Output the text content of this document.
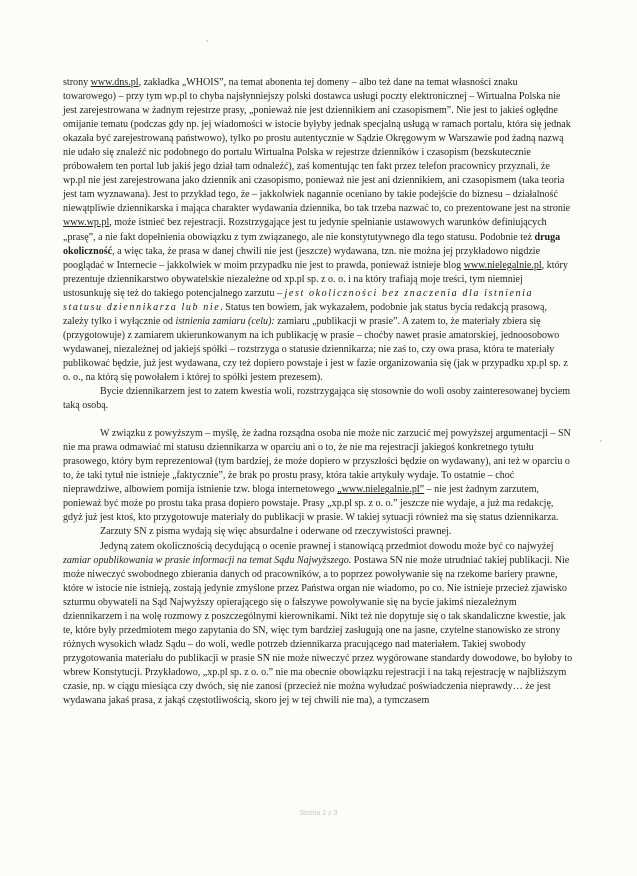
strony www.dns.pl, zakładka „WHOIS”, na temat abonenta tej domeny – albo też dane na temat własności znaku towarowego) – przy tym wp.pl to chyba najsłynniejszy polski dostawca usługi poczty elektronicznej – Wirtualna Polska nie jest zarejestrowana w żadnym rejestrze prasy, „ponieważ nie jest dziennikiem ani czasopismem”. Nie jest to jakieś ogłędne omijanie tematu (podczas gdy np. jej wiadomości w istocie byłyby jednak specjalną usługą w ramach portalu, która się jednak okazała być zarejestrowaną państwowo), tylko po prostu autentycznie w Sądzie Okręgowym w Warszawie pod żadną nazwą nie udało się znaleźć nic podobnego do portalu Wirtualna Polska w rejestrze dzienników i czasopism (bezskutecznie próbowałem ten portal lub jakiś jego dział tam odnaleźć), zaś komentując ten fakt przez telefon pracownicy przyznali, że wp.pl nie jest zarejestrowana jako dziennik ani czasopismo, ponieważ nie jest ani dziennikiem, ani czasopismem (taka teoria jest tam wyznawana). Jest to przykład tego, że – jakkolwiek nagannie oceniano by takie podejście do biznesu – działalność niewątpliwie dziennikarska i mająca charakter wydawania dziennika, bo tak trzeba nazwać to, co prezentowane jest na stronie www.wp.pl, może istnieć bez rejestracji. Rozstrzygające jest tu jedynie spełnianie ustawowych warunków definiujących „prasę”, a nie fakt dopełnienia obowiązku z tym związanego, ale nie konstytutywnego dla tego statusu. Podobnie też druga okoliczność, a więc taka, że prasa w danej chwili nie jest (jeszcze) wydawana, tzn. nie można jej przykładowo nigdzie pooglądać w Internecie – jakkolwiek w moim przypadku nie jest to prawda, ponieważ istnieje blog www.nielegalnie.pl, który prezentuje dziennikarstwo obywatelskie niezależne od xp.pl sp. z o. o. i na który trafiają moje treści, tym niemniej ustosunkuję się też do takiego potencjalnego zarzutu – jest okoliczności bez znaczenia dla istnienia statusu dziennikarza lub nie. Status ten bowiem, jak wykazałem, podobnie jak status bycia redakcją prasową, zależy tylko i wyłącznie od istnienia zamiaru (celu): zamiaru „publikacji w prasie”. A zatem to, że materiały zbiera się (przygotowuje) z zamiarem ukierunkowanym na ich publikację w prasie – choćby nawet prasie amatorskiej, jednoosobowo wydawanej, niezależnej od jakiejś spółki – rozstrzyga o statusie dziennikarza; nie zaś to, czy owa prasa, która te materiały publikować będzie, już jest wydawana, czy też dopiero powstaje i jest w fazie organizowania się (jak w przypadku xp.pl sp. z o. o., na którą się powołałem i której to spółki jestem prezesem).

Bycie dziennikarzem jest to zatem kwestia woli, rozstrzygająca się stosownie do woli osoby zainteresowanej byciem taką osobą.

W związku z powyższym – myślę, że żadna rozsądna osoba nie może nic zarzucić mej powyższej argumentacji – SN nie ma prawa odmawiać mi statusu dziennikarza w oparciu ani o to, że nie ma rejestracji jakiegoś konkretnego tytułu prasowego, który bym reprezentował (tym bardziej, że może dopiero w przyszłości będzie on wydawany), ani też w oparciu o to, że taki tytuł nie istnieje „faktycznie”, że brak po prostu prasy, która takie artykuły wydaje. To ostatnie – choć nieprawdziwe, albowiem pomija istnienie tzw. bloga internetowego „www.nielegalnie.pl” – nie jest żadnym zarzutem, ponieważ być może po prostu taka prasa dopiero powstaje. Prasy „xp.pl sp. z o. o.” jeszcze nie wydaje, a już ma redakcję, gdyż już jest ktoś, kto przygotowuje materiały do publikacji w prasie. W takiej sytuacji również ma się status dziennikarza.

Zarzuty SN z pisma wydają się więc absurdalne i oderwane od rzeczywistości prawnej.

Jedyną zatem okolicznością decydującą o ocenie prawnej i stanowiącą przedmiot dowodu może być co najwyżej zamiar opublikowania w prasie informacji na temat Sądu Najwyższego. Postawa SN nie może utrudniać takiej publikacji. Nie może niweczyć swobodnego zbierania danych od pracowników, a to poprzez powoływanie się na rzekome bariery prawne, które w istocie nie istnieją, zostają jedynie zmyślone przez Państwa organ nie wiadomo, po co. Nie istnieje przecież zjawisko szturmu obywateli na Sąd Najwyższy opierającego się o fałszywe powoływanie się na bycie jakimś niezależnym dziennikarzem i na wolę rozmowy z poszczególnymi kierownikami. Nikt też nie dopytuje się o tak skandaliczne kwestie, jak te, które były przedmiotem mego zapytania do SN, więc tym bardziej zasługują one na jasne, czytelne stanowisko ze strony różnych wysokich władz Sądu – do woli, wedle potrzeb dziennikarza pracującego nad materiałem. Takiej swobody przygotowania materiału do publikacji w prasie SN nie może niweczyć przez wygórowane standardy dowodowe, bo byłoby to wbrew Konstytucji. Przykładowo, „xp.pl sp. z o. o.” nie ma obecnie obowiązku rejestracji i na taką rejestrację w najbliższym czasie, np. w ciągu miesiąca czy dwóch, się nie zanosi (przecież nie można wyłudzać poświadczenia nieprawdy… że jest wydawana jakaś prasa, z jakąś częstotliwością, skoro jej w tej chwili nie ma), a tymczasem

Strona 2 z 3
